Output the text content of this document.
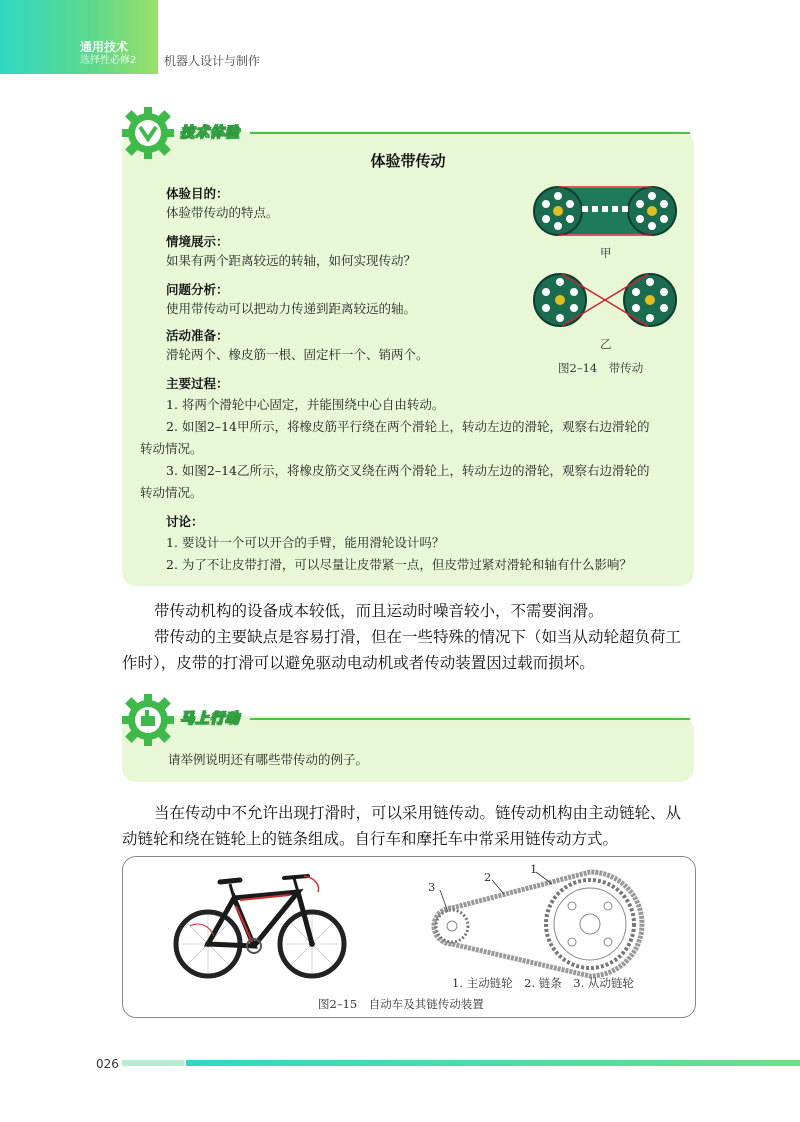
通用技术
选择性必修2 机器人设计与制作
技术体验
体验带传动
体验目的：
体验带传动的特点。
情境展示：
如果有两个距离较远的转轴，如何实现传动？
问题分析：
使用带传动可以把动力传递到距离较远的轴。
活动准备：
滑轮两个、橡皮筋一根、固定杆一个、销两个。
主要过程：
1. 将两个滑轮中心固定，并能围绕中心自由转动。
2. 如图2–14甲所示，将橡皮筋平行绕在两个滑轮上，转动左边的滑轮，观察右边滑轮的
转动情况。
3. 如图2–14乙所示，将橡皮筋交叉绕在两个滑轮上，转动左边的滑轮，观察右边滑轮的
转动情况。
讨论：
1. 要设计一个可以开合的手臂，能用滑轮设计吗？
2. 为了不让皮带打滑，可以尽量让皮带紧一点，但皮带过紧对滑轮和轴有什么影响？
甲
乙
图2–14　带传动
带传动机构的设备成本较低，而且运动时噪音较小，不需要润滑。
带传动的主要缺点是容易打滑，但在一些特殊的情况下（如当从动轮超负荷工
作时），皮带的打滑可以避免驱动电动机或者传动装置因过载而损坏。
马上行动
请举例说明还有哪些带传动的例子。
当在传动中不允许出现打滑时，可以采用链传动。链传动机构由主动链轮、从
动链轮和绕在链轮上的链条组成。自行车和摩托车中常采用链传动方式。
3
2
1
1. 主动链轮　2. 链条　3. 从动链轮
图2–15　自动车及其链传动装置
026
